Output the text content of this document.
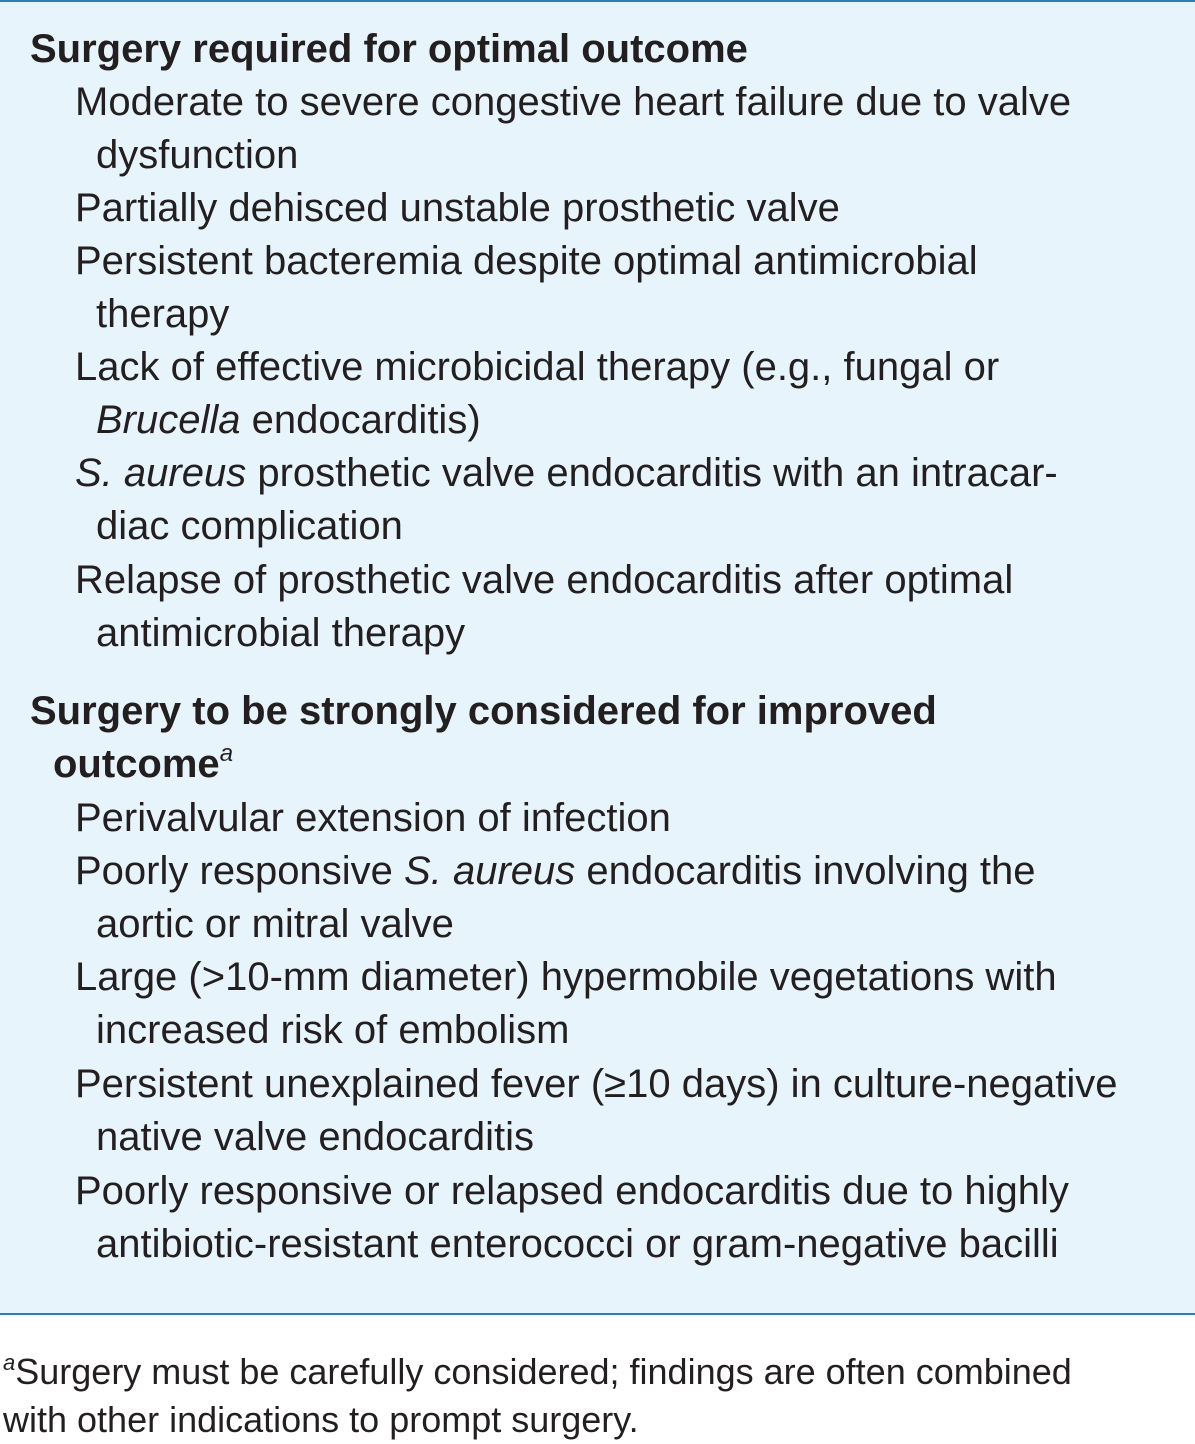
Surgery required for optimal outcome
Moderate to severe congestive heart failure due to valve
dysfunction
Partially dehisced unstable prosthetic valve
Persistent bacteremia despite optimal antimicrobial
therapy
Lack of effective microbicidal therapy (e.g., fungal or
Brucella endocarditis)
S. aureus prosthetic valve endocarditis with an intracar-
diac complication
Relapse of prosthetic valve endocarditis after optimal
antimicrobial therapy
Surgery to be strongly considered for improved
outcome$^a$
Perivalvular extension of infection
Poorly responsive S. aureus endocarditis involving the
aortic or mitral valve
Large (>10-mm diameter) hypermobile vegetations with
increased risk of embolism
Persistent unexplained fever (≥10 days) in culture-negative
native valve endocarditis
Poorly responsive or relapsed endocarditis due to highly
antibiotic-resistant enterococci or gram-negative bacilli
$^a$Surgery must be carefully considered; findings are often combined
with other indications to prompt surgery.
